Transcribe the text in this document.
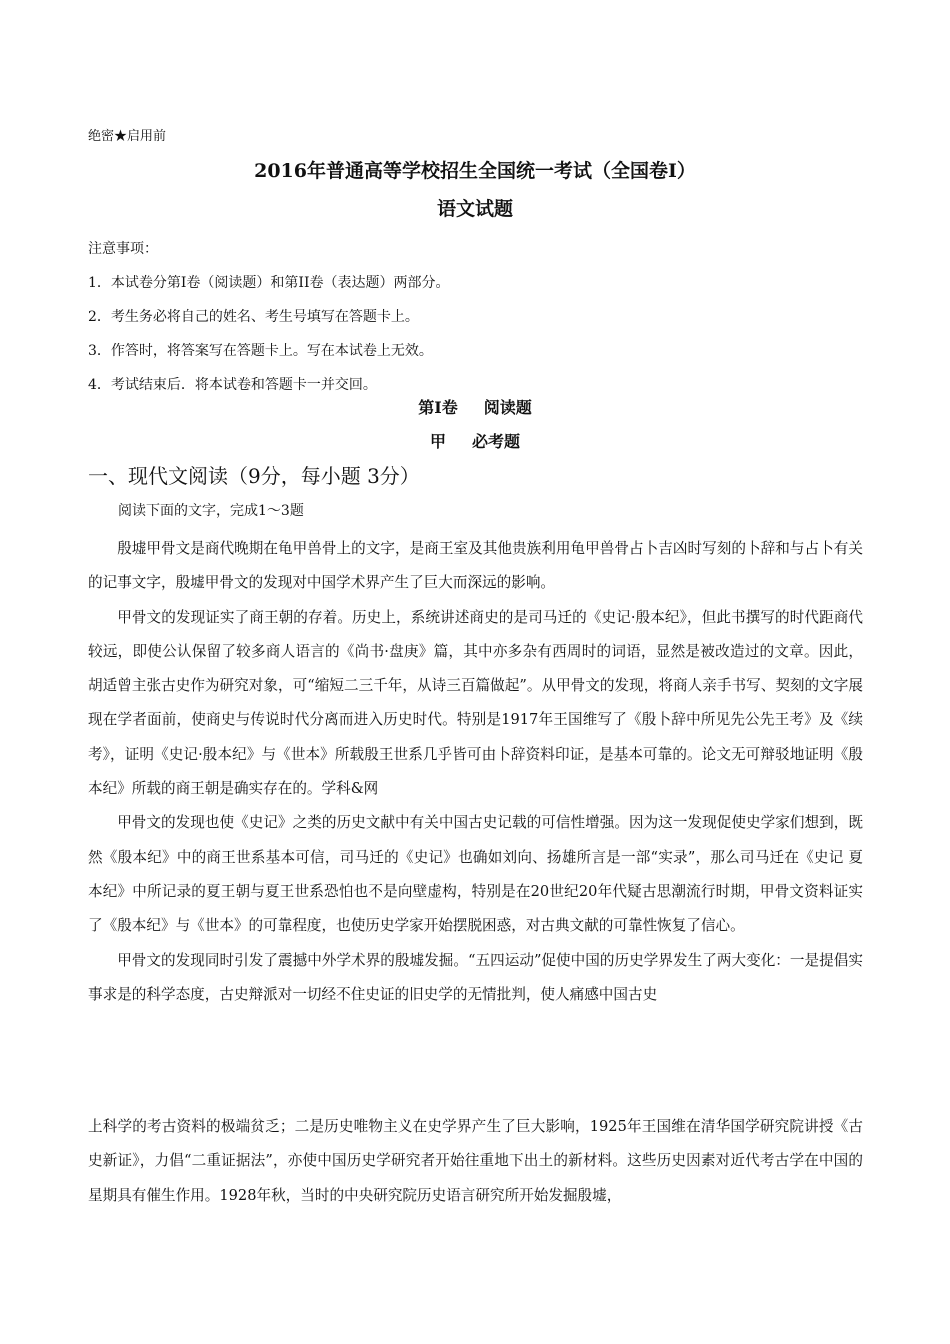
绝密★启用前
2016年普通高等学校招生全国统一考试（全国卷Ⅰ）
语文试题
注意事项：
1．本试卷分第Ⅰ卷（阅读题）和第II卷（表达题）两部分。
2．考生务必将自己的姓名、考生号填写在答题卡上。
3．作答时，将答案写在答题卡上。写在本试卷上无效。
4．考试结束后．将本试卷和答题卡一并交回。
第Ⅰ卷 阅读题
甲 必考题
一、现代文阅读（9分，每小题 3分）
阅读下面的文字，完成1～3题

殷墟甲骨文是商代晚期在龟甲兽骨上的文字，是商王室及其他贵族利用龟甲兽骨占卜吉凶时写刻的卜辞和与占卜有关的记事文字，殷墟甲骨文的发现对中国学术界产生了巨大而深远的影响。

甲骨文的发现证实了商王朝的存着。历史上，系统讲述商史的是司马迁的《史记·殷本纪》，但此书撰写的时代距商代较远，即使公认保留了较多商人语言的《尚书·盘庚》篇，其中亦多杂有西周时的词语，显然是被改造过的文章。因此，胡适曾主张古史作为研究对象，可“缩短二三千年，从诗三百篇做起”。从甲骨文的发现，将商人亲手书写、契刻的文字展现在学者面前，使商史与传说时代分离而进入历史时代。特别是1917年王国维写了《殷卜辞中所见先公先王考》及《续考》，证明《史记·殷本纪》与《世本》所载殷王世系几乎皆可由卜辞资料印证，是基本可靠的。论文无可辩驳地证明《殷本纪》所载的商王朝是确实存在的。学科&网

甲骨文的发现也使《史记》之类的历史文献中有关中国古史记载的可信性增强。因为这一发现促使史学家们想到，既然《殷本纪》中的商王世系基本可信，司马迁的《史记》也确如刘向、扬雄所言是一部“实录”，那么司马迁在《史记 夏本纪》中所记录的夏王朝与夏王世系恐怕也不是向壁虚构，特别是在20世纪20年代疑古思潮流行时期，甲骨文资料证实了《殷本纪》与《世本》的可靠程度，也使历史学家开始摆脱困惑，对古典文献的可靠性恢复了信心。

甲骨文的发现同时引发了震撼中外学术界的殷墟发掘。“五四运动”促使中国的历史学界发生了两大变化：一是提倡实事求是的科学态度，古史辩派对一切经不住史证的旧史学的无情批判，使人痛感中国古史

上科学的考古资料的极端贫乏；二是历史唯物主义在史学界产生了巨大影响，1925年王国维在清华国学研究院讲授《古史新证》，力倡“二重证据法”，亦使中国历史学研究者开始往重地下出土的新材料。这些历史因素对近代考古学在中国的星期具有催生作用。1928年秋，当时的中央研究院历史语言研究所开始发掘殷墟，
